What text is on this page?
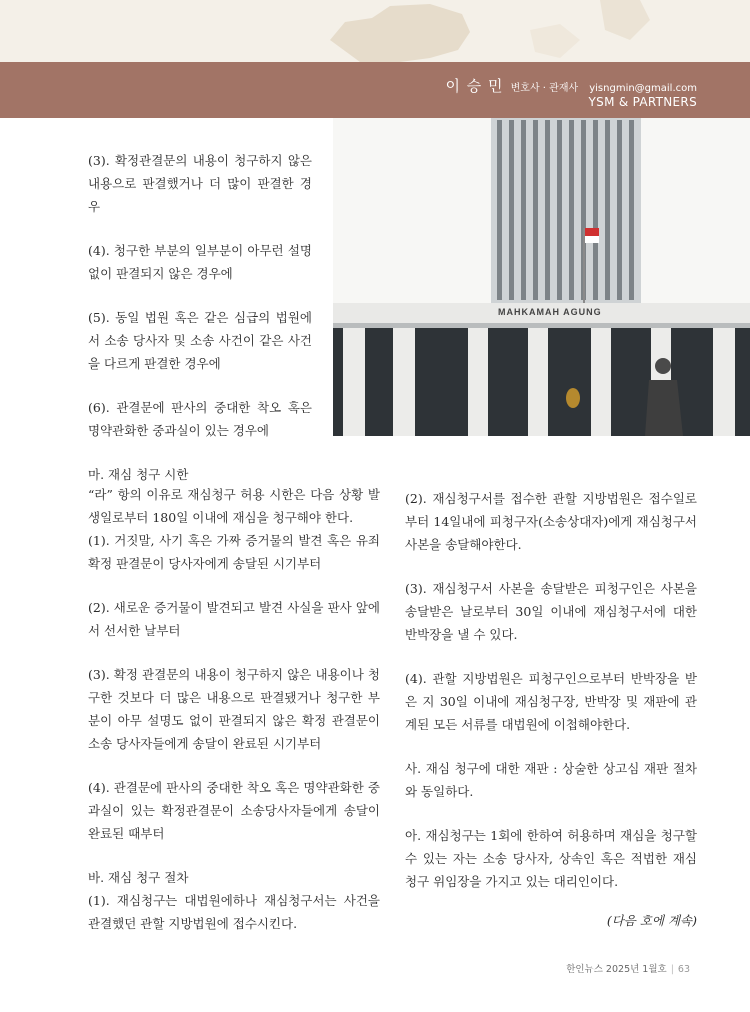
이 승 민 변호사 · 관재사 yisngmin@gmail.com
YSM & PARTNERS
MAHKAMAH AGUNG

(3). 확정관결문의 내용이 청구하지 않은 내용으로 판결했거나 더 많이 판결한 경우

(4). 청구한 부분의 일부분이 아무런 설명 없이 판결되지 않은 경우에

(5). 동일 법원 혹은 같은 심급의 법원에서 소송 당사자 및 소송 사건이 같은 사건을 다르게 판결한 경우에

(6). 관결문에 판사의 중대한 착오 혹은 명약관화한 중과실이 있는 경우에

마. 재심 청구 시한

“라” 항의 이유로 재심청구 허용 시한은 다음 상황 발생일로부터 180일 이내에 재심을 청구해야 한다.

(1). 거짓말, 사기 혹은 가짜 증거물의 발견 혹은 유죄 확정 판결문이 당사자에게 송달된 시기부터

(2). 새로운 증거물이 발견되고 발견 사실을 판사 앞에서 선서한 날부터

(3). 확정 관결문의 내용이 청구하지 않은 내용이나 청구한 것보다 더 많은 내용으로 판결됐거나 청구한 부분이 아무 설명도 없이 판결되지 않은 확정 관결문이 소송 당사자들에게 송달이 완료된 시기부터

(4). 관결문에 판사의 중대한 착오 혹은 명약관화한 중과실이 있는 확정관결문이 소송당사자들에게 송달이 완료된 때부터

바. 재심 청구 절차

(1). 재심청구는 대법원에하나 재심청구서는 사건을 관결했던 관할 지방법원에 접수시킨다.

(2). 재심청구서를 접수한 관할 지방법원은 접수일로부터 14일내에 피청구자(소송상대자)에게 재심청구서 사본을 송달해야한다.

(3). 재심청구서 사본을 송달받은 피청구인은 사본을 송달받은 날로부터 30일 이내에 재심청구서에 대한 반박장을 낼 수 있다.

(4). 관할 지방법원은 피청구인으로부터 반박장을 받은 지 30일 이내에 재심청구장, 반박장 및 재판에 관계된 모든 서류를 대법원에 이첩해야한다.

사. 재심 청구에 대한 재판 : 상술한 상고심 재판 절차와 동일하다.

아. 재심청구는 1회에 한하여 허용하며 재심을 청구할 수 있는 자는 소송 당사자, 상속인 혹은 적법한 재심 청구 위임장을 가지고 있는 대리인이다.

(다음 호에 계속)
한인뉴스 2025년 1월호 | 63
